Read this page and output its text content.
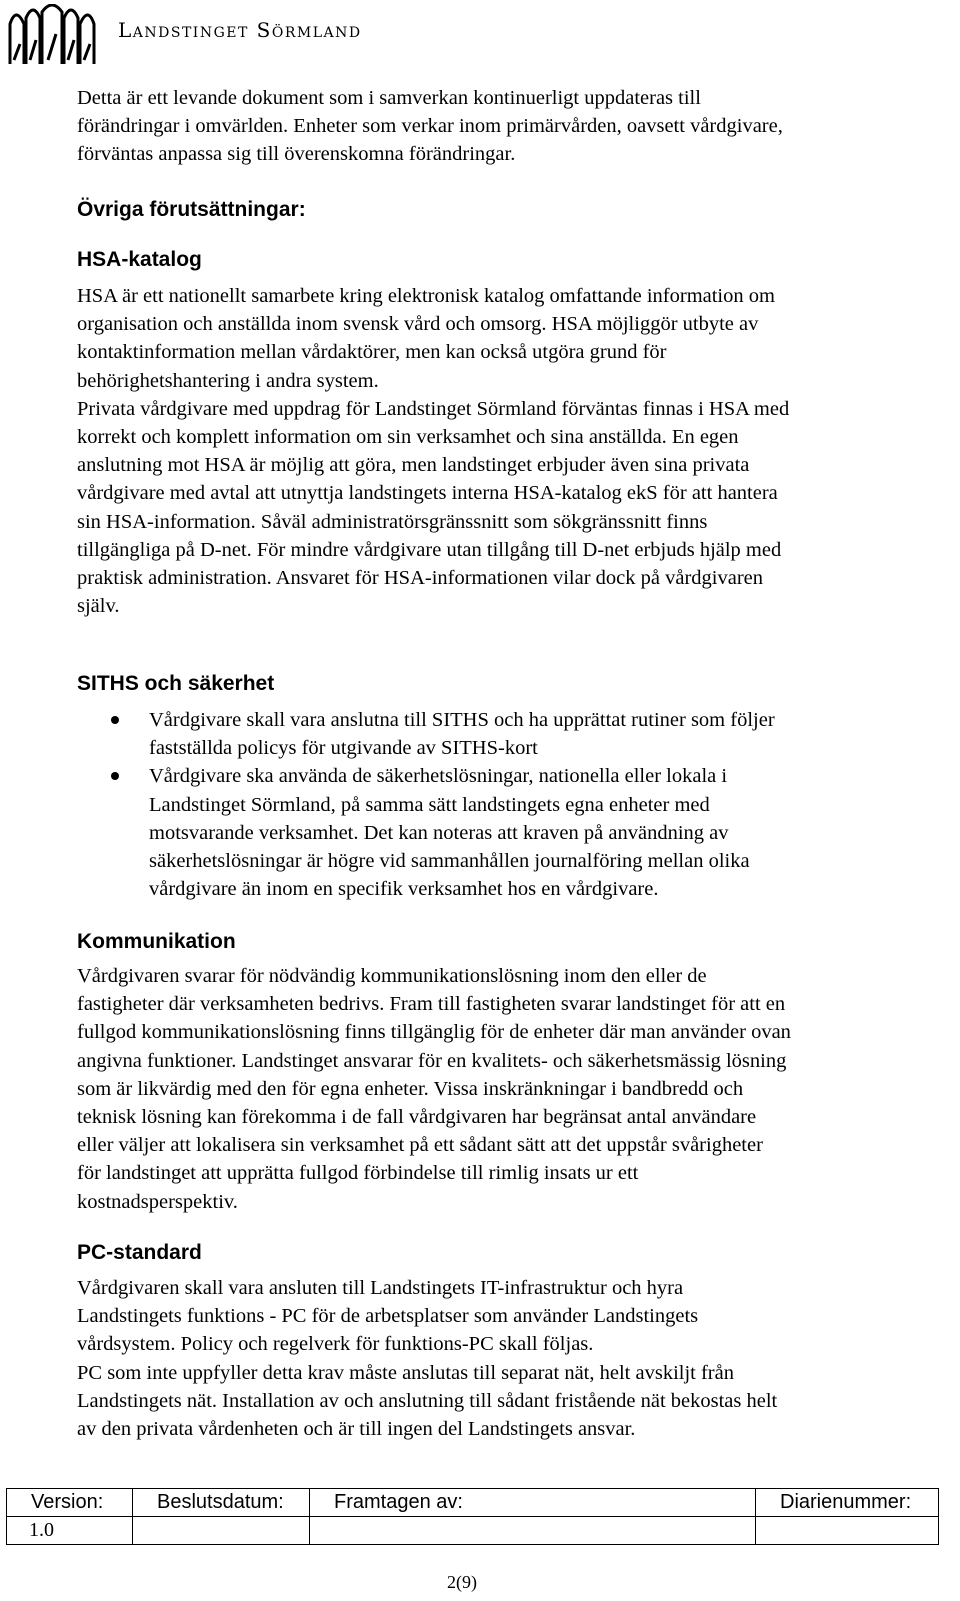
Landstinget Sörmland
Detta är ett levande dokument som i samverkan kontinuerligt uppdateras till
förändringar i omvärlden. Enheter som verkar inom primärvården, oavsett vårdgivare,
förväntas anpassa sig till överenskomna förändringar.
Övriga förutsättningar:
HSA-katalog
HSA är ett nationellt samarbete kring elektronisk katalog omfattande information om
organisation och anställda inom svensk vård och omsorg. HSA möjliggör utbyte av
kontaktinformation mellan vårdaktörer, men kan också utgöra grund för
behörighetshantering i andra system.
Privata vårdgivare med uppdrag för Landstinget Sörmland förväntas finnas i HSA med
korrekt och komplett information om sin verksamhet och sina anställda. En egen
anslutning mot HSA är möjlig att göra, men landstinget erbjuder även sina privata
vårdgivare med avtal att utnyttja landstingets interna HSA-katalog ekS för att hantera
sin HSA-information. Såväl administratörsgränssnitt som sökgränssnitt finns
tillgängliga på D-net. För mindre vårdgivare utan tillgång till D-net erbjuds hjälp med
praktisk administration. Ansvaret för HSA-informationen vilar dock på vårdgivaren
själv.
SITHS och säkerhet
Vårdgivare skall vara anslutna till SITHS och ha upprättat rutiner som följer
fastställda policys för utgivande av SITHS-kort
Vårdgivare ska använda de säkerhetslösningar, nationella eller lokala i
Landstinget Sörmland, på samma sätt landstingets egna enheter med
motsvarande verksamhet. Det kan noteras att kraven på användning av
säkerhetslösningar är högre vid sammanhållen journalföring mellan olika
vårdgivare än inom en specifik verksamhet hos en vårdgivare.
Kommunikation
Vårdgivaren svarar för nödvändig kommunikationslösning inom den eller de
fastigheter där verksamheten bedrivs. Fram till fastigheten svarar landstinget för att en
fullgod kommunikationslösning finns tillgänglig för de enheter där man använder ovan
angivna funktioner. Landstinget ansvarar för en kvalitets- och säkerhetsmässig lösning
som är likvärdig med den för egna enheter. Vissa inskränkningar i bandbredd och
teknisk lösning kan förekomma i de fall vårdgivaren har begränsat antal användare
eller väljer att lokalisera sin verksamhet på ett sådant sätt att det uppstår svårigheter
för landstinget att upprätta fullgod förbindelse till rimlig insats ur ett
kostnadsperspektiv.
PC-standard
Vårdgivaren skall vara ansluten till Landstingets IT-infrastruktur och hyra
Landstingets funktions - PC för de arbetsplatser som använder Landstingets
vårdsystem. Policy och regelverk för funktions-PC skall följas.
PC som inte uppfyller detta krav måste anslutas till separat nät, helt avskiljt från
Landstingets nät. Installation av och anslutning till sådant fristående nät bekostas helt
av den privata vårdenheten och är till ingen del Landstingets ansvar.
Version:	Beslutsdatum:	Framtagen av:	Diarienummer:
1.0			
2(9)
